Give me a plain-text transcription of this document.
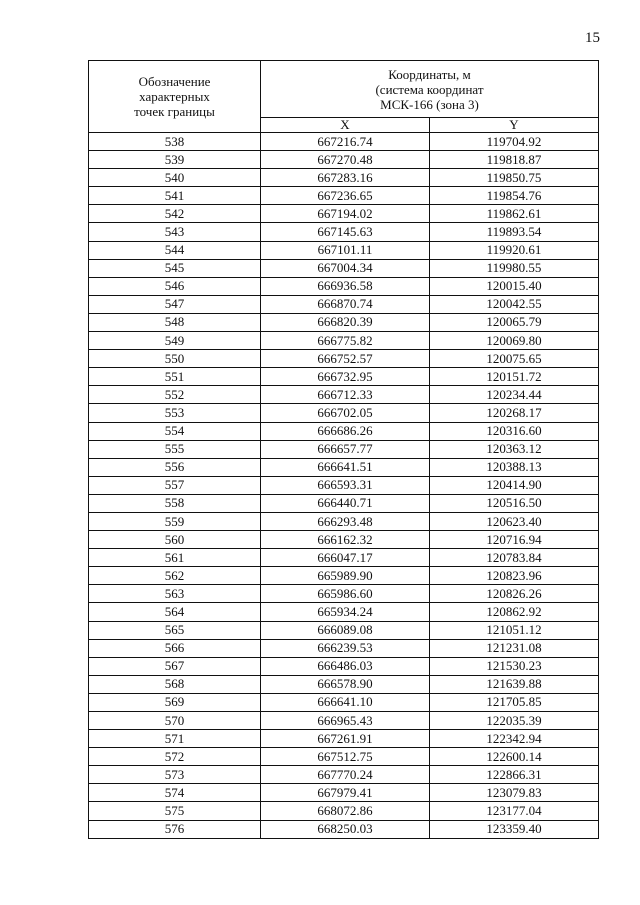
15
Обозначение
характерных
точек границы	Координаты, м
(система координат
МСК-166 (зона 3)	

	X	Y
538	667216.74	119704.92
539	667270.48	119818.87
540	667283.16	119850.75
541	667236.65	119854.76
542	667194.02	119862.61
543	667145.63	119893.54
544	667101.11	119920.61
545	667004.34	119980.55
546	666936.58	120015.40
547	666870.74	120042.55
548	666820.39	120065.79
549	666775.82	120069.80
550	666752.57	120075.65
551	666732.95	120151.72
552	666712.33	120234.44
553	666702.05	120268.17
554	666686.26	120316.60
555	666657.77	120363.12
556	666641.51	120388.13
557	666593.31	120414.90
558	666440.71	120516.50
559	666293.48	120623.40
560	666162.32	120716.94
561	666047.17	120783.84
562	665989.90	120823.96
563	665986.60	120826.26
564	665934.24	120862.92
565	666089.08	121051.12
566	666239.53	121231.08
567	666486.03	121530.23
568	666578.90	121639.88
569	666641.10	121705.85
570	666965.43	122035.39
571	667261.91	122342.94
572	667512.75	122600.14
573	667770.24	122866.31
574	667979.41	123079.83
575	668072.86	123177.04
576	668250.03	123359.40
